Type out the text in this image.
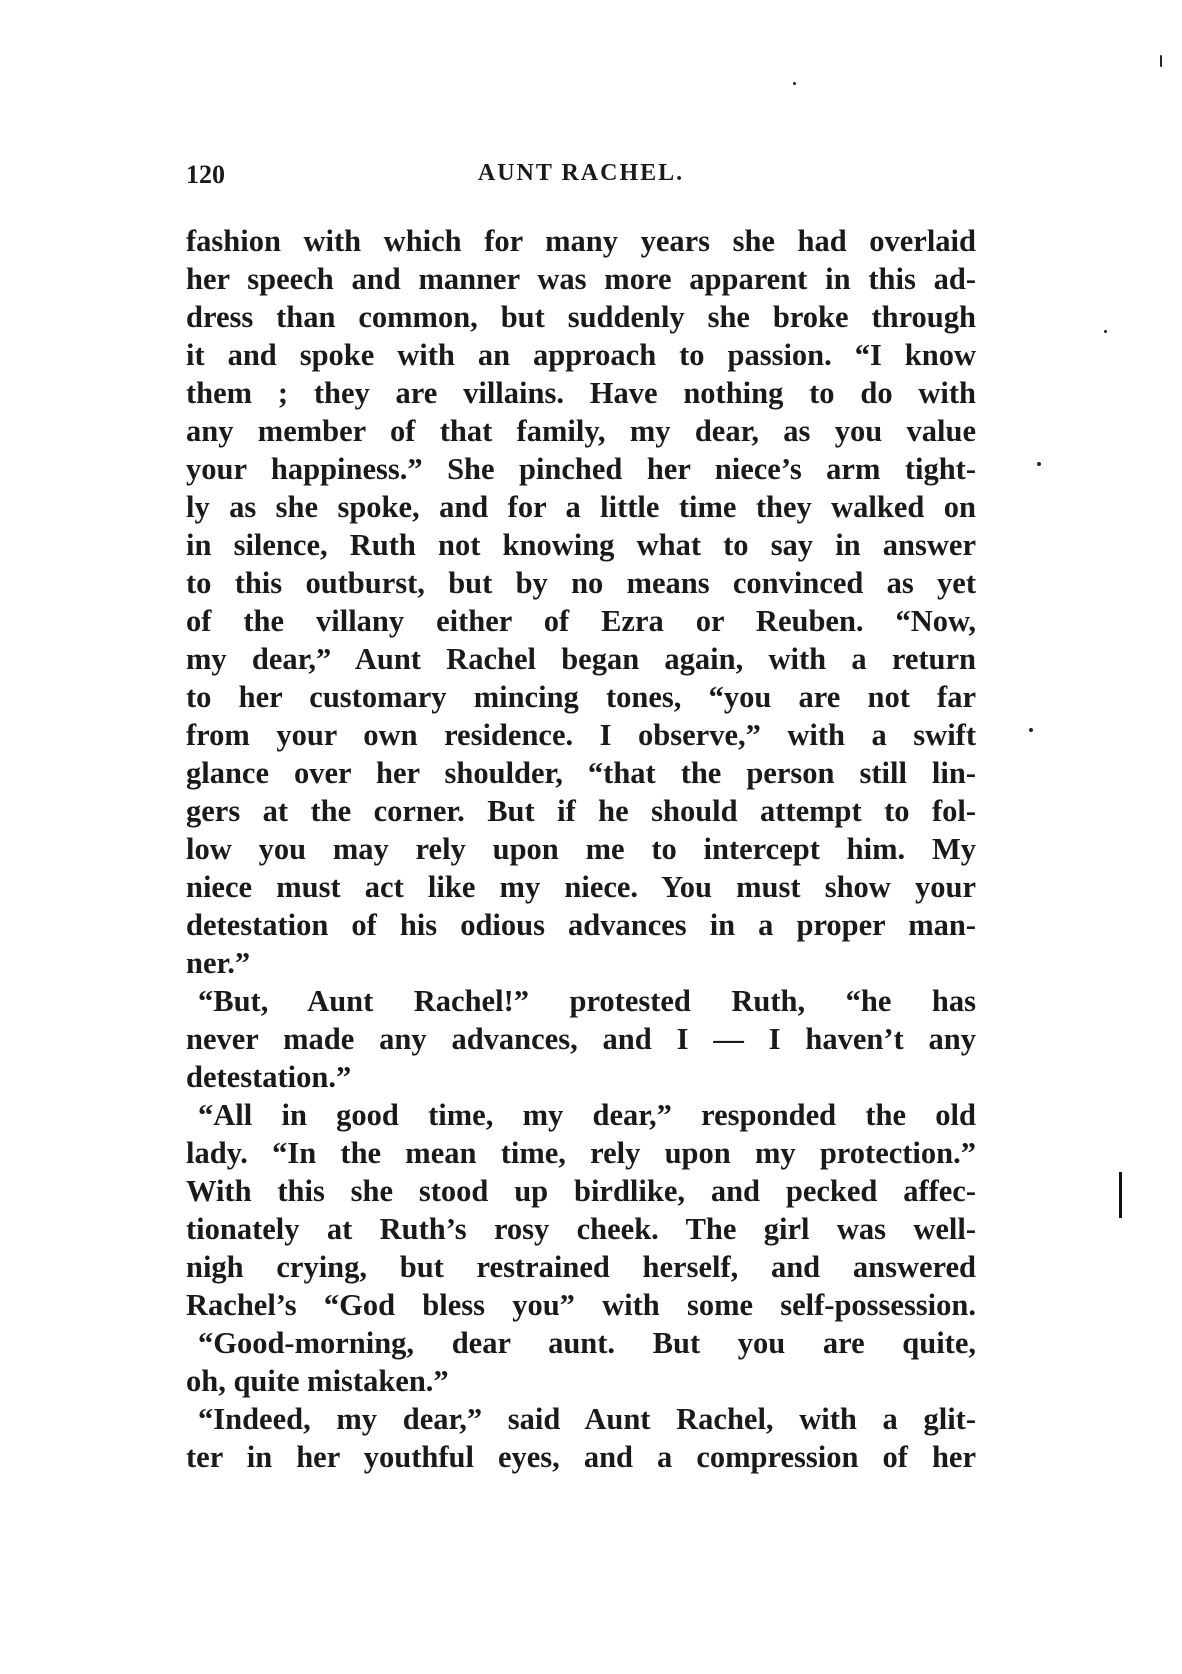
120	AUNT RACHEL.
fashion with which for many years she had overlaid
her speech and manner was more apparent in this ad-
dress than common, but suddenly she broke through
it and spoke with an approach to passion. “I know
them ; they are villains. Have nothing to do with
any member of that family, my dear, as you value
your happiness.” She pinched her niece’s arm tight-
ly as she spoke, and for a little time they walked on
in silence, Ruth not knowing what to say in answer
to this outburst, but by no means convinced as yet
of the villany either of Ezra or Reuben. “Now,
my dear,” Aunt Rachel began again, with a return
to her customary mincing tones, “you are not far
from your own residence. I observe,” with a swift
glance over her shoulder, “that the person still lin-
gers at the corner. But if he should attempt to fol-
low you may rely upon me to intercept him. My
niece must act like my niece. You must show your
detestation of his odious advances in a proper man-
ner.”
“But, Aunt Rachel!” protested Ruth, “he has
never made any advances, and I — I haven’t any
detestation.”
“All in good time, my dear,” responded the old
lady. “In the mean time, rely upon my protection.”
With this she stood up birdlike, and pecked affec-
tionately at Ruth’s rosy cheek. The girl was well-
nigh crying, but restrained herself, and answered
Rachel’s “God bless you” with some self-possession.
“Good-morning, dear aunt. But you are quite,
oh, quite mistaken.”
“Indeed, my dear,” said Aunt Rachel, with a glit-
ter in her youthful eyes, and a compression of her
